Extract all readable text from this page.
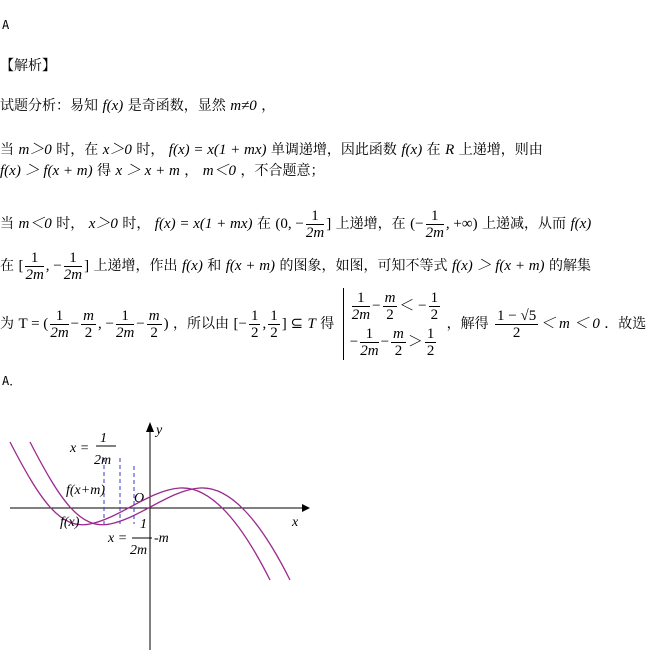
A
【解析】
试题分析：易知 f(x) 是奇函数，显然 m≠0 ，
当 m＞0 时，在 x＞0 时， f(x) = x(1 + mx) 单调递增，因此函数 f(x) 在 R 上递增，则由
f(x) ＞ f(x + m) 得 x ＞ x + m ， m＜0 ，不合题意；
当 m＜0 时， x＞0 时， f(x) = x(1 + mx) 在 (0, − $\frac{1}{2m}$ ] 上递增，在 (− $\frac{1}{2m}$ , +∞) 上递减，从而 f(x)
在 [ $\frac{1}{2m}$ , − $\frac{1}{2m}$ ] 上递增，作出 f(x) 和 f(x + m) 的图象，如图，可知不等式 f(x) ＞ f(x + m) 的解集
为 T = ( $\frac{1}{2m} - \frac{m}{2}$ , − $\frac{1}{2m} - \frac{m}{2}$ ) ，所以由 [− $\frac{1}{2}$ , $\frac{1}{2}$ ] ⊆ T 得
$\frac{1}{2m} - \frac{m}{2}$ ＜ − $\frac{1}{2}$
− $\frac{1}{2m} - \frac{m}{2} > \frac{1}{2}$
，解得 $\frac{1 - √5}{2} < m < 0$ ．故选
A．
y
x
O
x =
1
2m
f(x+m)
f(x)
x =
1
2m
-m
